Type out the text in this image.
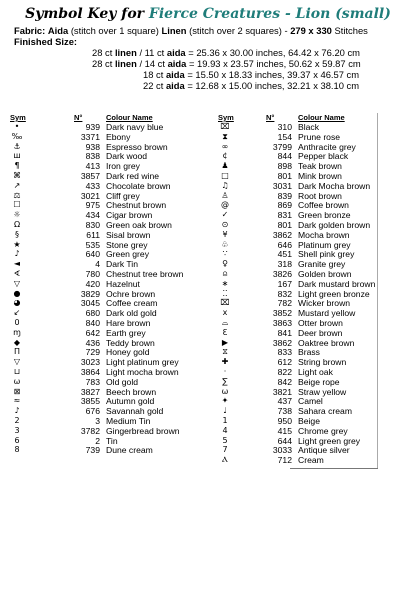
Symbol Key for Fierce Creatures - Lion (small)
Fabric: Aida (stitch over 1 square) Linen (stitch over 2 squares) - 279 x 330 Stitches
Finished Size:
28 ct linen / 11 ct aida = 25.36 x 30.00 inches, 64.42 x 76.20 cm
28 ct linen / 14 ct aida = 19.93 x 23.57 inches, 50.62 x 59.87 cm
18 ct aida = 15.50 x 18.33 inches, 39.37 x 46.57 cm
22 ct aida = 12.68 x 15.00 inches, 32.21 x 38.10 cm
Sym	N°	Colour Name
•	939 Dark navy blue
‰	3371 Ebony
⚓	938 Espresso brown
ш	838 Dark wood
¶	413 Iron grey
⌘	3857 Dark red wine
↗	433 Chocolate brown
⚖	3021 Cliff grey
☐	975 Chestnut brown
☼	434 Cigar brown
Ω	830 Green oak brown
§	611 Sisal brown
★	535 Stone grey
♪	640 Green grey
◄	4 Dark Tin
∢	780 Chestnut tree brown
▽	420 Hazelnut
●	3829 Ochre brown
◕	3045 Coffee cream
↙	680 Dark old gold
0	840 Hare brown
ɱ	642 Earth grey
◆	436 Teddy brown
Π	729 Honey gold
▽	3023 Light platinum grey
⊔	3864 Light mocha brown
ω	783 Old gold
⊠	3827 Beech brown
≈	3855 Autumn gold
♪	676 Savannah gold
2	3 Medium Tin
3	3782 Gingerbread brown
6	2 Tin
8	739 Dune cream
Sym	N°	Colour Name
⌧	310 Black
⧗	154 Prune rose
∞	3799 Anthracite grey
¢	844 Pepper black
♟	898 Teak brown
□	801 Mink brown
♫	3031 Dark Mocha brown
♙	839 Root brown
@	869 Coffee brown
✓	831 Green bronze
⊙	801 Dark golden brown
¥	3862 Mocha brown
♧	646 Platinum grey
∵	451 Shell pink grey
♀	318 Granite grey
⍝	3826 Golden brown
∗	167 Dark mustard brown
⁚⁚	832 Light green bronze
⌧	782 Wicker brown
x	3852 Mustard yellow
⌓	3863 Otter brown
Ɛ	841 Deer brown
▶	3862 Oaktree brown
⧖	833 Brass
✚	612 String brown
·	822 Light oak
∑	842 Beige rope
ω	3821 Straw yellow
✦	437 Camel
♩	738 Sahara cream
1	950 Beige
4	415 Chrome grey
5	644 Light green grey
7	3033 Antique silver
Ⲁ	712 Cream
